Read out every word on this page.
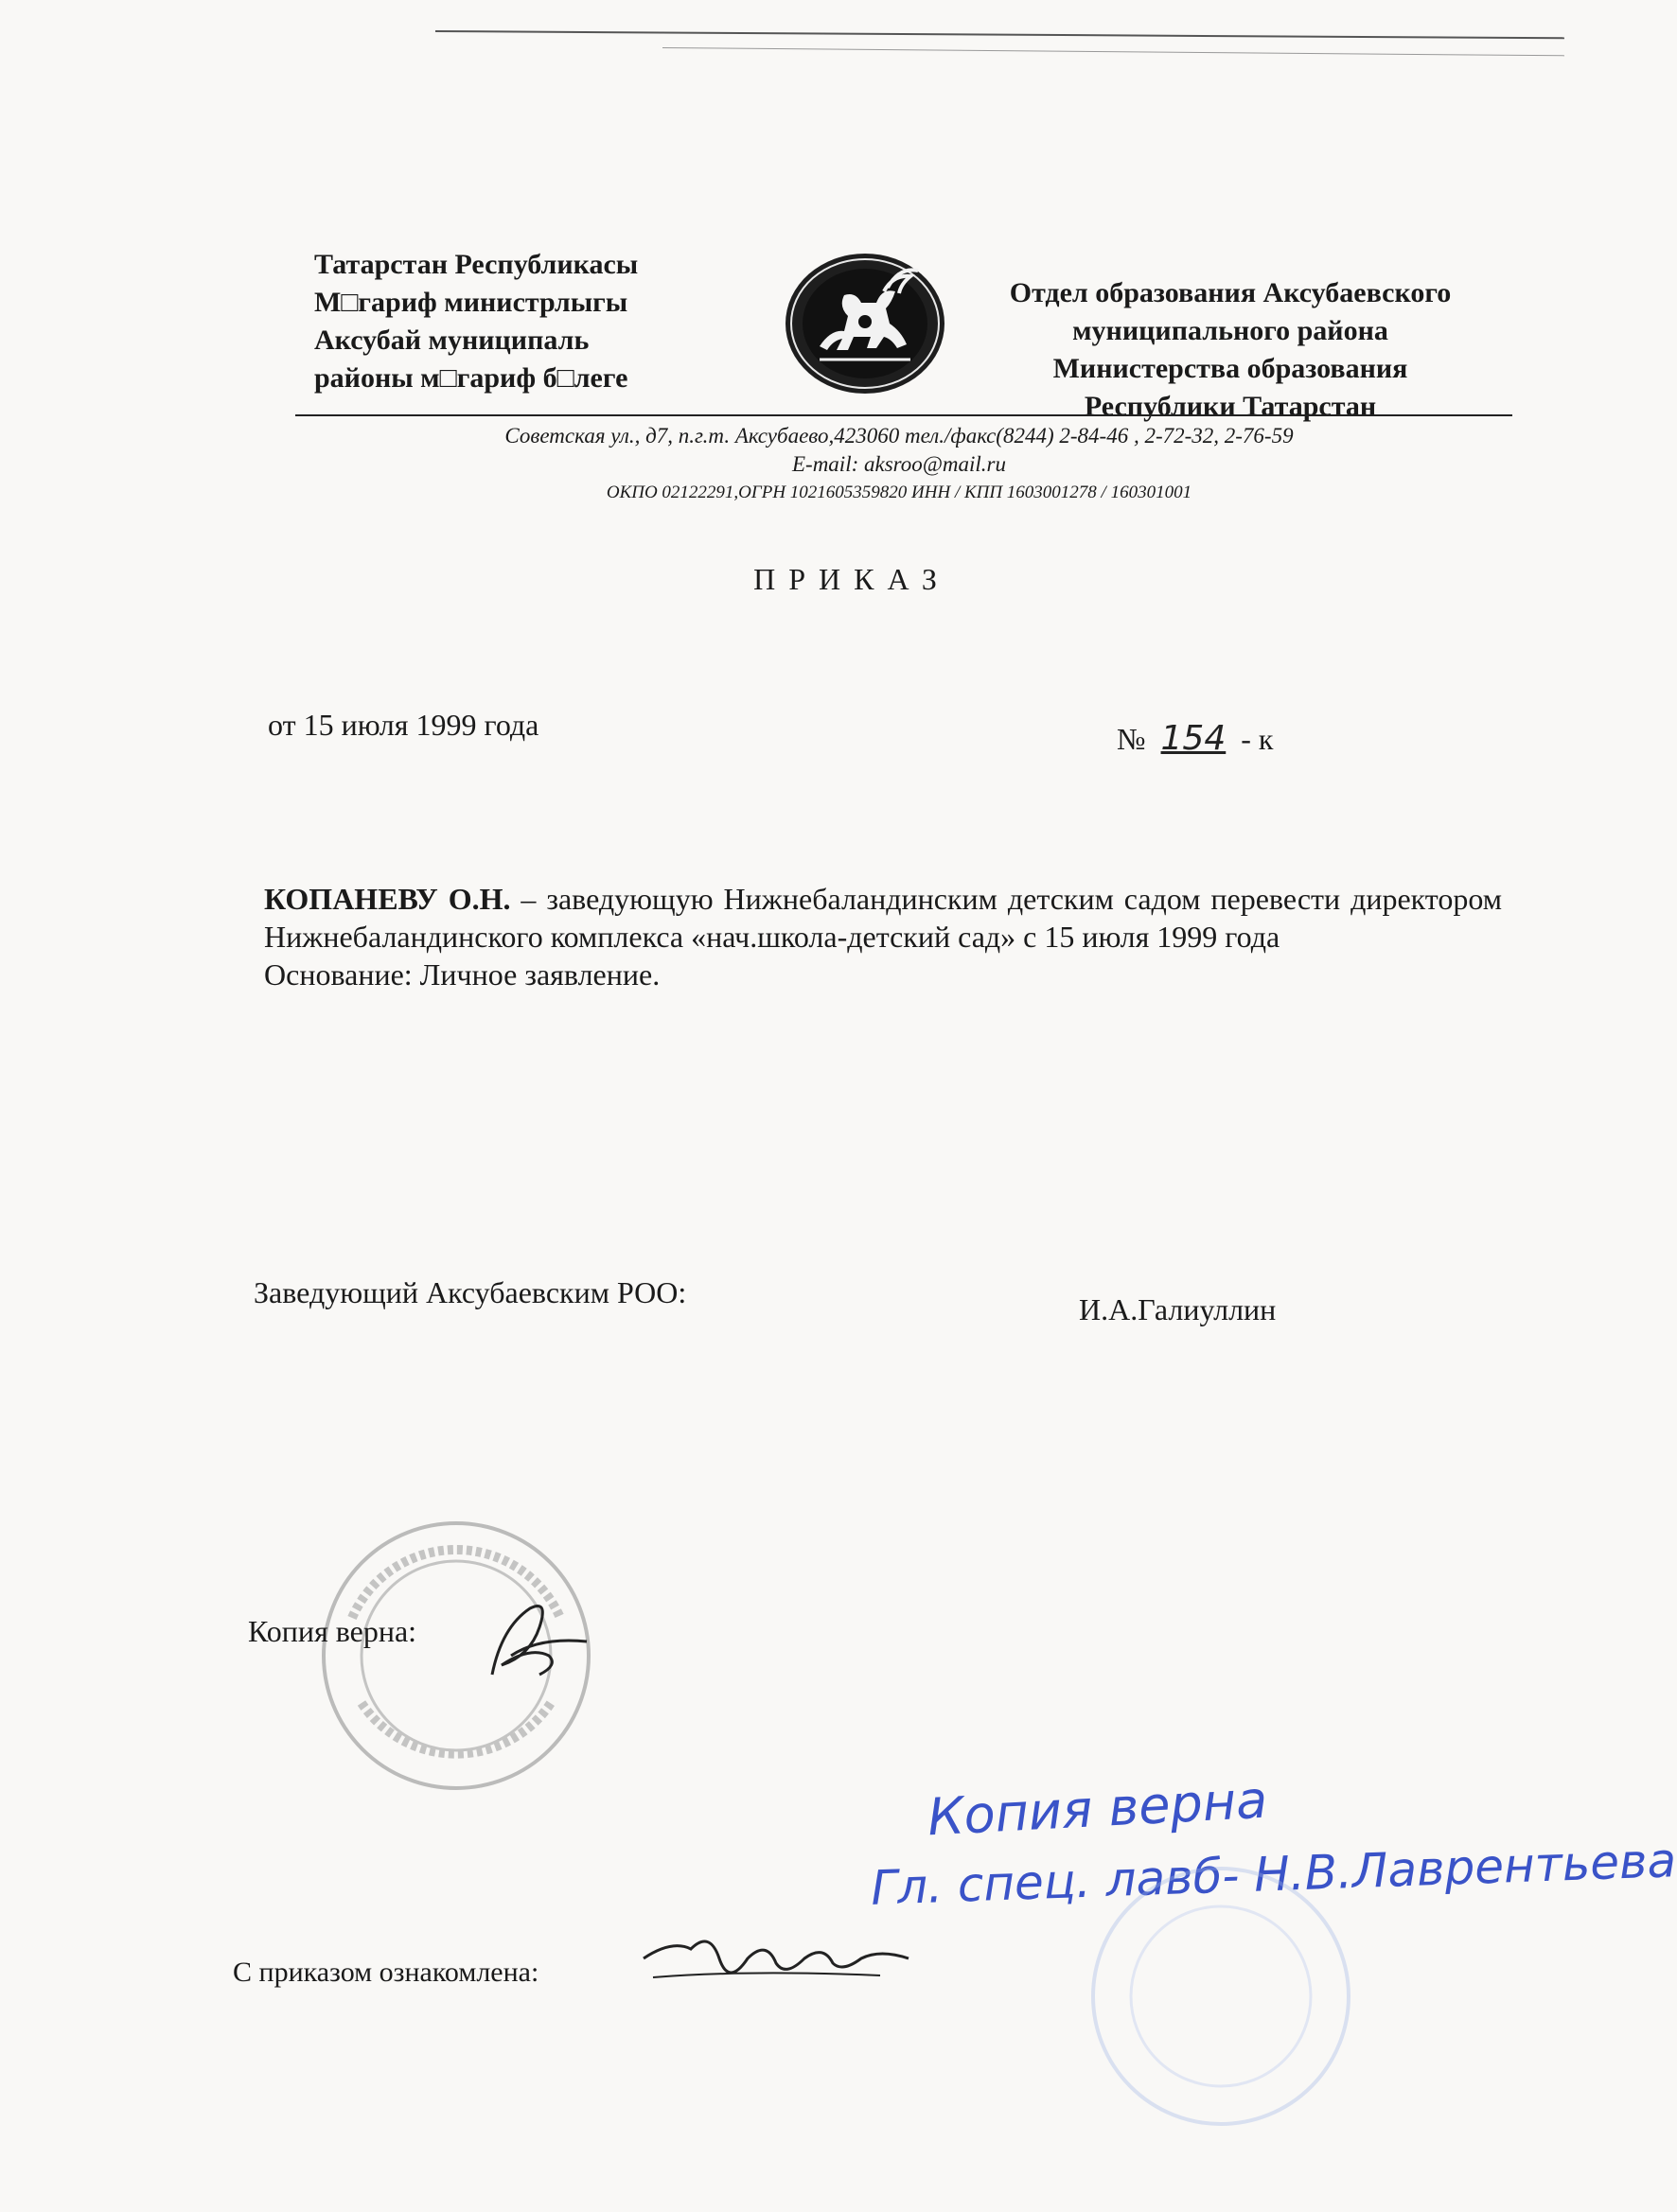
Татарстан Республикасы
М□гариф министрлыгы
Аксубай муниципаль
районы м□гариф б□леге
Отдел образования Аксубаевского
муниципального района
Министерства образования
Республики Татарстан
Советская ул., д7, п.г.т. Аксубаево,423060 тел./факс(8244) 2-84-46 , 2-72-32, 2-76-59
E-mail: aksroo@mail.ru
ОКПО 02122291,ОГРН 1021605359820 ИНН / КПП 1603001278 / 160301001
ПРИКАЗ
от 15 июля 1999 года	№ 154 - к
КОПАНЕВУ О.Н. – заведующую Нижнебаландинским детским садом перевести директором Нижнебаландинского комплекса «нач.школа-детский сад» с 15 июля 1999 года
Основание: Личное заявление.
Заведующий Аксубаевским РОО:	И.А.Галиуллин
Копия верна:
Копия верна
Гл. спец. лавб- Н.В.Лаврентьева
С приказом ознакомлена:
